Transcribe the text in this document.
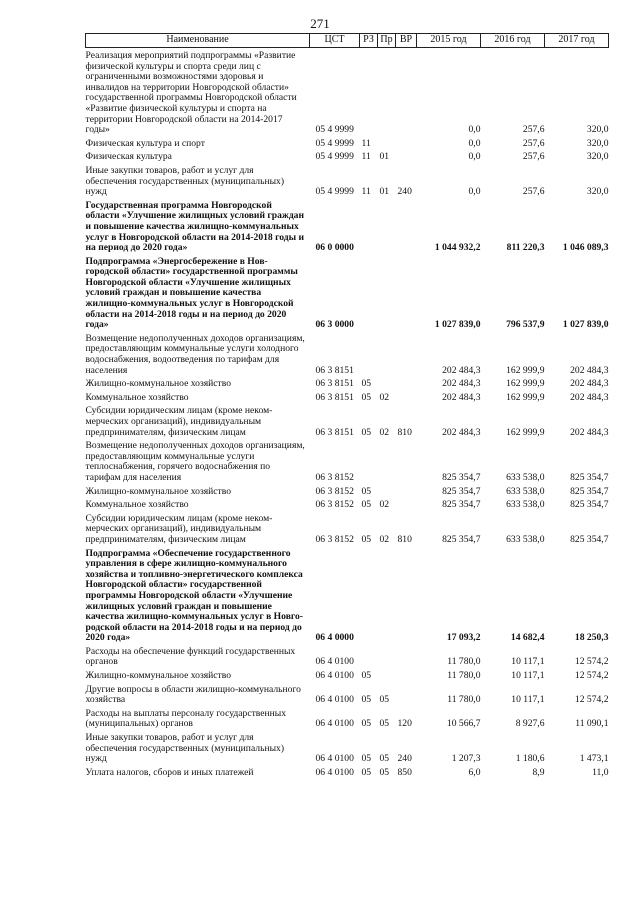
271
Наименование	ЦСТ	РЗ	Пр	ВР	2015 год	2016 год	2017 год
Реализация мероприятий подпрограммы «Развитие физической культуры и спорта среди лиц с ограниченными возможностями здоровья и инвалидов на территории Новгородской области» государственной программы Новгородской области «Развитие физической культуры и спорта на территории Новгородской области на 2014-2017 годы»	05 4 9999				0,0	257,6	320,0
Физическая культура и спорт	05 4 9999	11			0,0	257,6	320,0
Физическая культура	05 4 9999	11	01		0,0	257,6	320,0
Иные закупки товаров, работ и услуг для обеспечения государственных (муниципальных) нужд	05 4 9999	11	01	240	0,0	257,6	320,0
Государственная программа Новгородской области «Улучшение жилищных условий граждан и повышение качества жилищно-коммунальных услуг в Новгородской области на 2014-2018 годы и на период до 2020 года»	06 0 0000				1 044 932,2	811 220,3	1 046 089,3
Подпрограмма «Энергосбережение в Новгородской области» государственной программы Новгородской области «Улучшение жилищных условий граждан и повышение качества жилищно-коммунальных услуг в Новгородской области на 2014-2018 годы и на период до 2020 года»	06 3 0000				1 027 839,0	796 537,9	1 027 839,0
Возмещение недополученных доходов организациям, предоставляющим коммунальные услуги холодного водоснабжения, водоотведения по тарифам для населения	06 3 8151				202 484,3	162 999,9	202 484,3
Жилищно-коммунальное хозяйство	06 3 8151	05			202 484,3	162 999,9	202 484,3
Коммунальное хозяйство	06 3 8151	05	02		202 484,3	162 999,9	202 484,3
Субсидии юридическим лицам (кроме некоммерческих организаций), индивидуальным предпринимателям, физическим лицам	06 3 8151	05	02	810	202 484,3	162 999,9	202 484,3
Возмещение недополученных доходов организациям, предоставляющим коммунальные услуги теплоснабжения, горячего водоснабжения по тарифам для населения	06 3 8152				825 354,7	633 538,0	825 354,7
Жилищно-коммунальное хозяйство	06 3 8152	05			825 354,7	633 538,0	825 354,7
Коммунальное хозяйство	06 3 8152	05	02		825 354,7	633 538,0	825 354,7
Субсидии юридическим лицам (кроме некоммерческих организаций), индивидуальным предпринимателям, физическим лицам	06 3 8152	05	02	810	825 354,7	633 538,0	825 354,7
Подпрограмма «Обеспечение государственного управления в сфере жилищно-коммунального хозяйства и топливно-энергетического комплекса Новгородской области» государственной программы Новгородской области «Улучшение жилищных условий граждан и повышение качества жилищно-коммунальных услуг в Новгородской области на 2014-2018 годы и на период до 2020 года»	06 4 0000				17 093,2	14 682,4	18 250,3
Расходы на обеспечение функций государственных органов	06 4 0100				11 780,0	10 117,1	12 574,2
Жилищно-коммунальное хозяйство	06 4 0100	05			11 780,0	10 117,1	12 574,2
Другие вопросы в области жилищно-коммунального хозяйства	06 4 0100	05	05		11 780,0	10 117,1	12 574,2
Расходы на выплаты персоналу государственных (муниципальных) органов	06 4 0100	05	05	120	10 566,7	8 927,6	11 090,1
Иные закупки товаров, работ и услуг для обеспечения государственных (муниципальных) нужд	06 4 0100	05	05	240	1 207,3	1 180,6	1 473,1
Уплата налогов, сборов и иных платежей	06 4 0100	05	05	850	6,0	8,9	11,0
